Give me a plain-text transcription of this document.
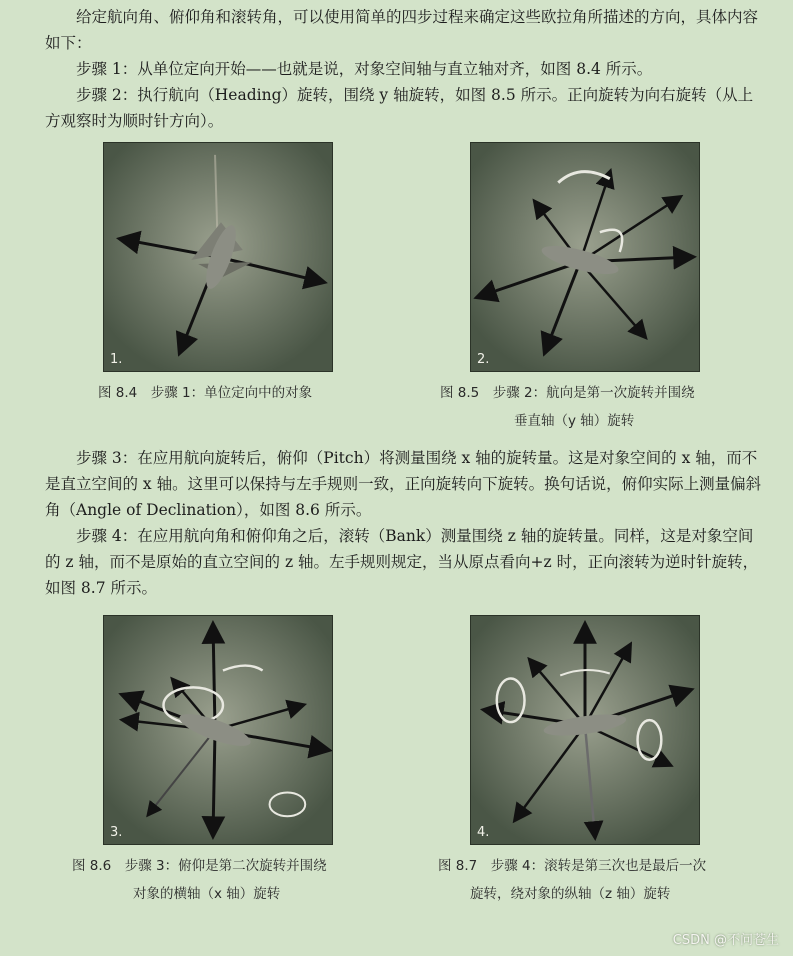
给定航向角、俯仰角和滚转角，可以使用简单的四步过程来确定这些欧拉角所描述的方向，具体内容如下：

步骤 1：从单位定向开始——也就是说，对象空间轴与直立轴对齐，如图 8.4 所示。

步骤 2：执行航向（Heading）旋转，围绕 y 轴旋转，如图 8.5 所示。正向旋转为向右旋转（从上方观察时为顺时针方向）。

1.	2.
图 8.4　步骤 1：单位定向中的对象	图 8.5　步骤 2：航向是第一次旋转并围绕
垂直轴（y 轴）旋转

步骤 3：在应用航向旋转后，俯仰（Pitch）将测量围绕 x 轴的旋转量。这是对象空间的 x 轴，而不是直立空间的 x 轴。这里可以保持与左手规则一致，正向旋转向下旋转。换句话说，俯仰实际上测量偏斜角（Angle of Declination），如图 8.6 所示。

步骤 4：在应用航向角和俯仰角之后，滚转（Bank）测量围绕 z 轴的旋转量。同样，这是对象空间的 z 轴，而不是原始的直立空间的 z 轴。左手规则规定，当从原点看向+z 时，正向滚转为逆时针旋转，如图 8.7 所示。

3.	4.
图 8.6　步骤 3：俯仰是第二次旋转并围绕
对象的横轴（x 轴）旋转
图 8.7　步骤 4：滚转是第三次也是最后一次
旋转，绕对象的纵轴（z 轴）旋转
CSDN @不问苍生
